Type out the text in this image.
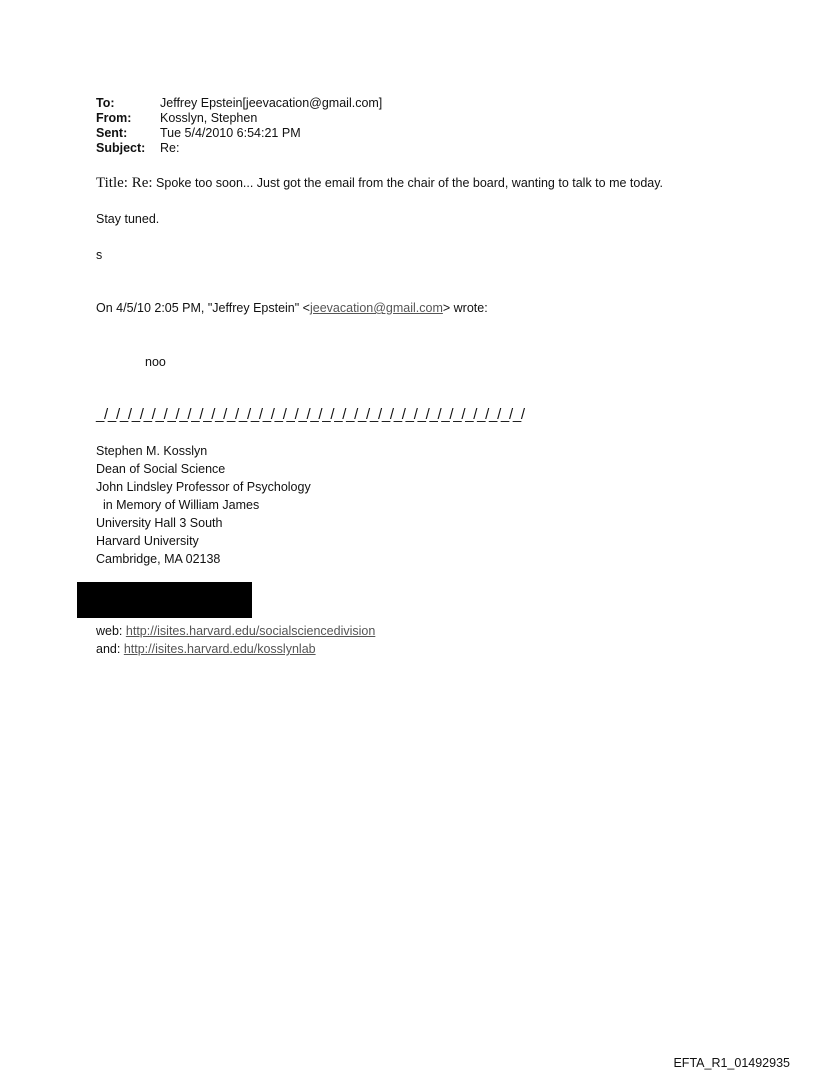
To:	Jeffrey Epstein[jeevacation@gmail.com]
From:	Kosslyn, Stephen
Sent:	Tue 5/4/2010 6:54:21 PM
Subject:	Re:
Title: Re: Spoke too soon... Just got the email from the chair of the board, wanting to talk to me today.
Stay tuned.
s
On 4/5/10 2:05 PM, "Jeffrey Epstein" <jeevacation@gmail.com> wrote:
noo
_/_/_/_/_/_/_/_/_/_/_/_/_/_/_/_/_/_/_/_/_/_/_/_/_/_/_/_/_/_/_/_/_/_/_/_/
Stephen M. Kosslyn
Dean of Social Science
John Lindsley Professor of Psychology
in Memory of William James
University Hall 3 South
Harvard University
Cambridge, MA 02138
web: http://isites.harvard.edu/socialsciencedivision
and: http://isites.harvard.edu/kosslynlab
EFTA_R1_01492935
